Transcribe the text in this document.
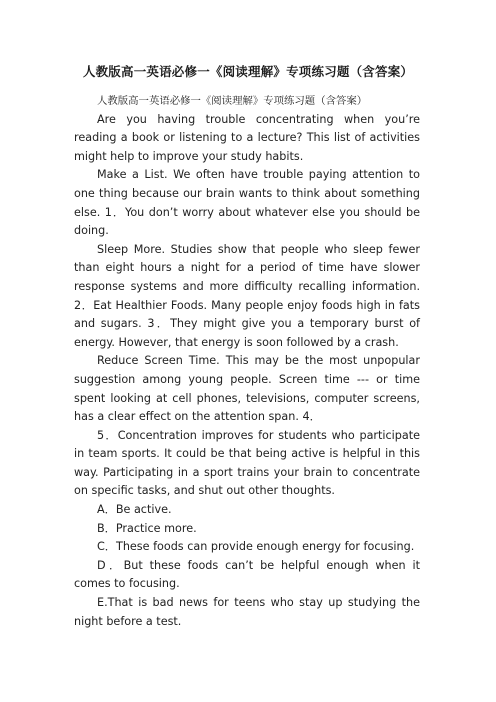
人教版高一英语必修一《阅读理解》专项练习题（含答案）

人教版高一英语必修一《阅读理解》专项练习题（含答案）

Are you having trouble concentrating when you’re reading a book or listening to a lecture? This list of activities might help to improve your study habits.

Make a List. We often have trouble paying attention to one thing because our brain wants to think about something else. 1．You don’t worry about whatever else you should be doing.

Sleep More. Studies show that people who sleep fewer than eight hours a night for a period of time have slower response systems and more difficulty recalling information. 2．Eat Healthier Foods. Many people enjoy foods high in fats and sugars. 3．They might give you a temporary burst of energy. However, that energy is soon followed by a crash.

Reduce Screen Time. This may be the most unpopular suggestion among young people. Screen time --- or time spent looking at cell phones, televisions, computer screens, has a clear effect on the attention span. 4．

5．Concentration improves for students who participate in team sports. It could be that being active is helpful in this way. Participating in a sport trains your brain to concentrate on specific tasks, and shut out other thoughts.

A．Be active.

B．Practice more.

C．These foods can provide enough energy for focusing.

D．But these foods can’t be helpful enough when it comes to focusing.

E.That is bad news for teens who stay up studying the night before a test.
